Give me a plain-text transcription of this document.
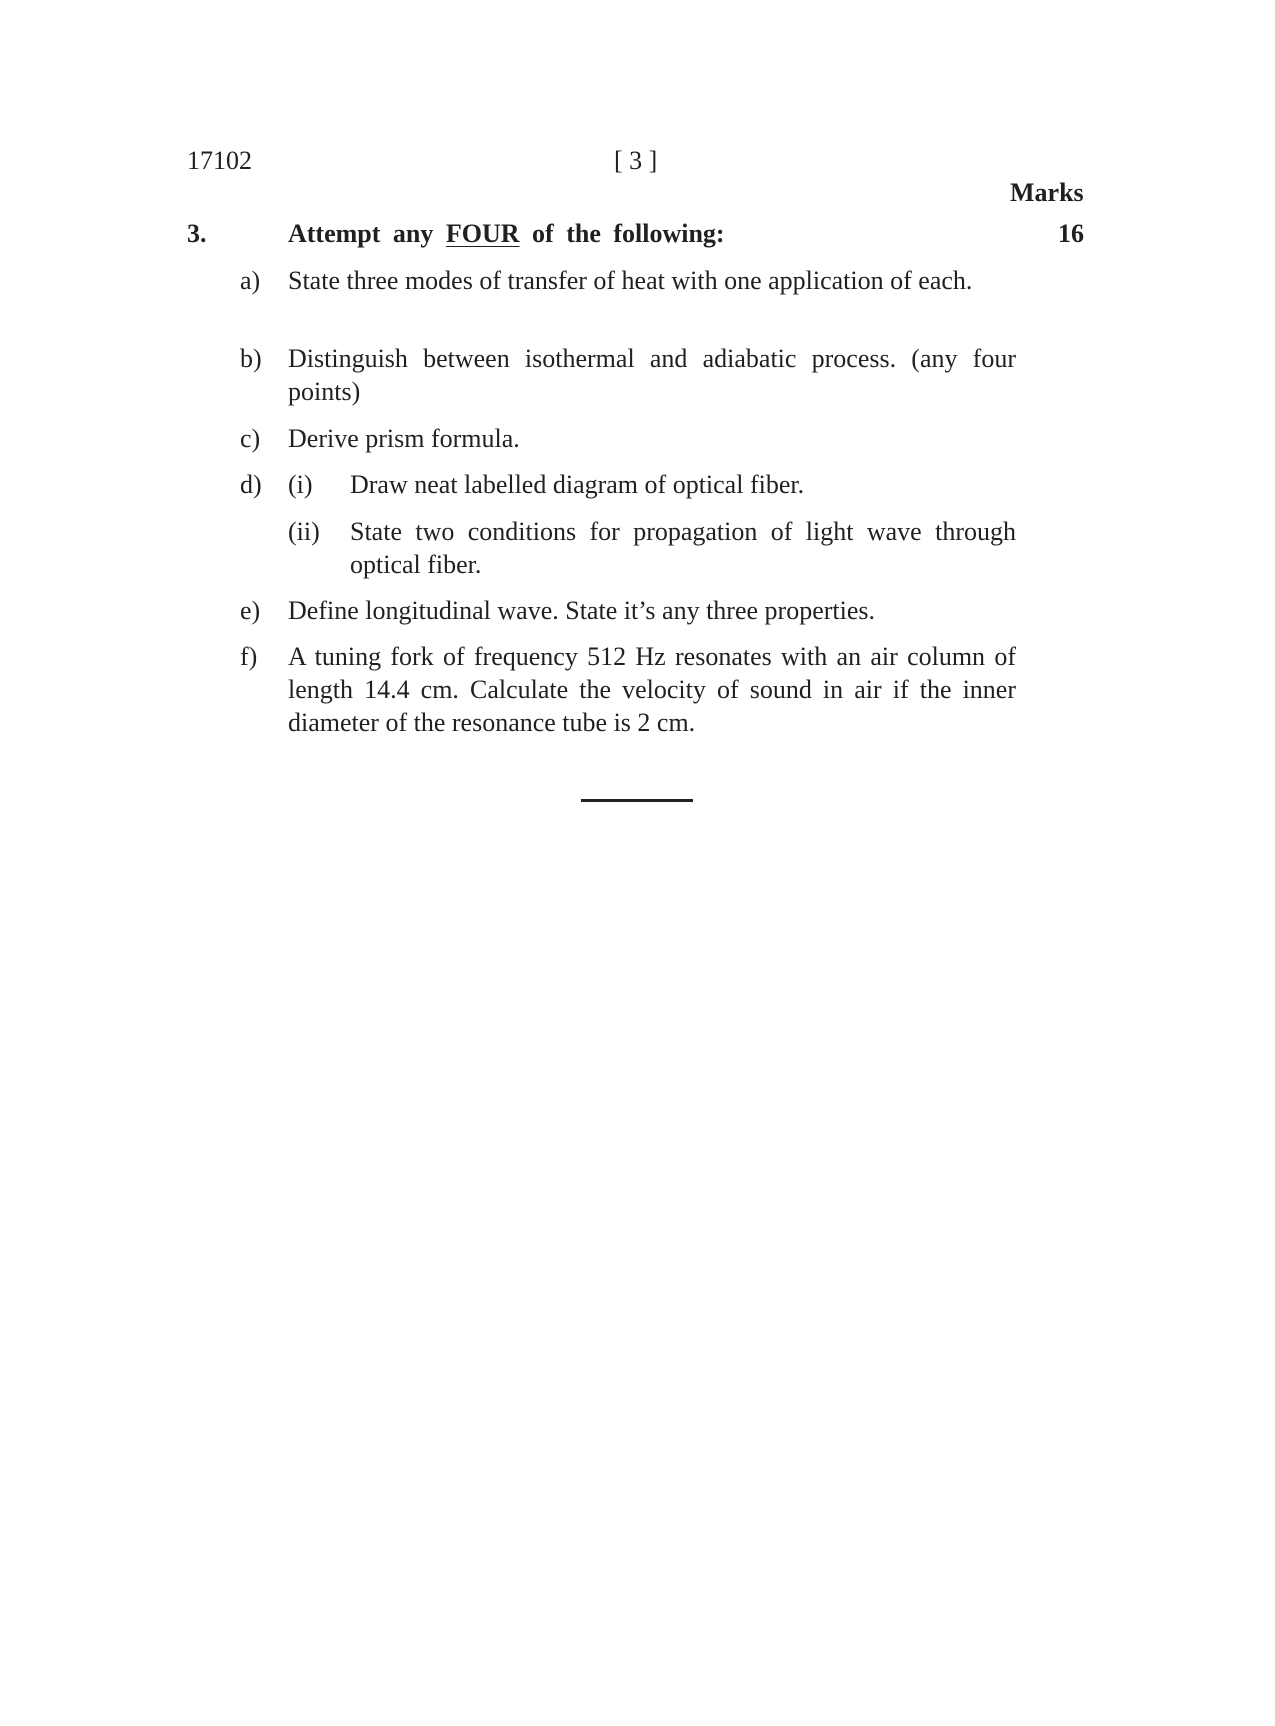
17102	[ 3 ]
Marks
3.	Attempt any FOUR of the following:	16
a) State three modes of transfer of heat with one application of each.
b) Distinguish between isothermal and adiabatic process. (any four points)
c) Derive prism formula.
d) (i) Draw neat labelled diagram of optical fiber.
(ii) State two conditions for propagation of light wave through optical fiber.
e) Define longitudinal wave. State it’s any three properties.
f) A tuning fork of frequency 512 Hz resonates with an air column of length 14.4 cm. Calculate the velocity of sound in air if the inner diameter of the resonance tube is 2 cm.
